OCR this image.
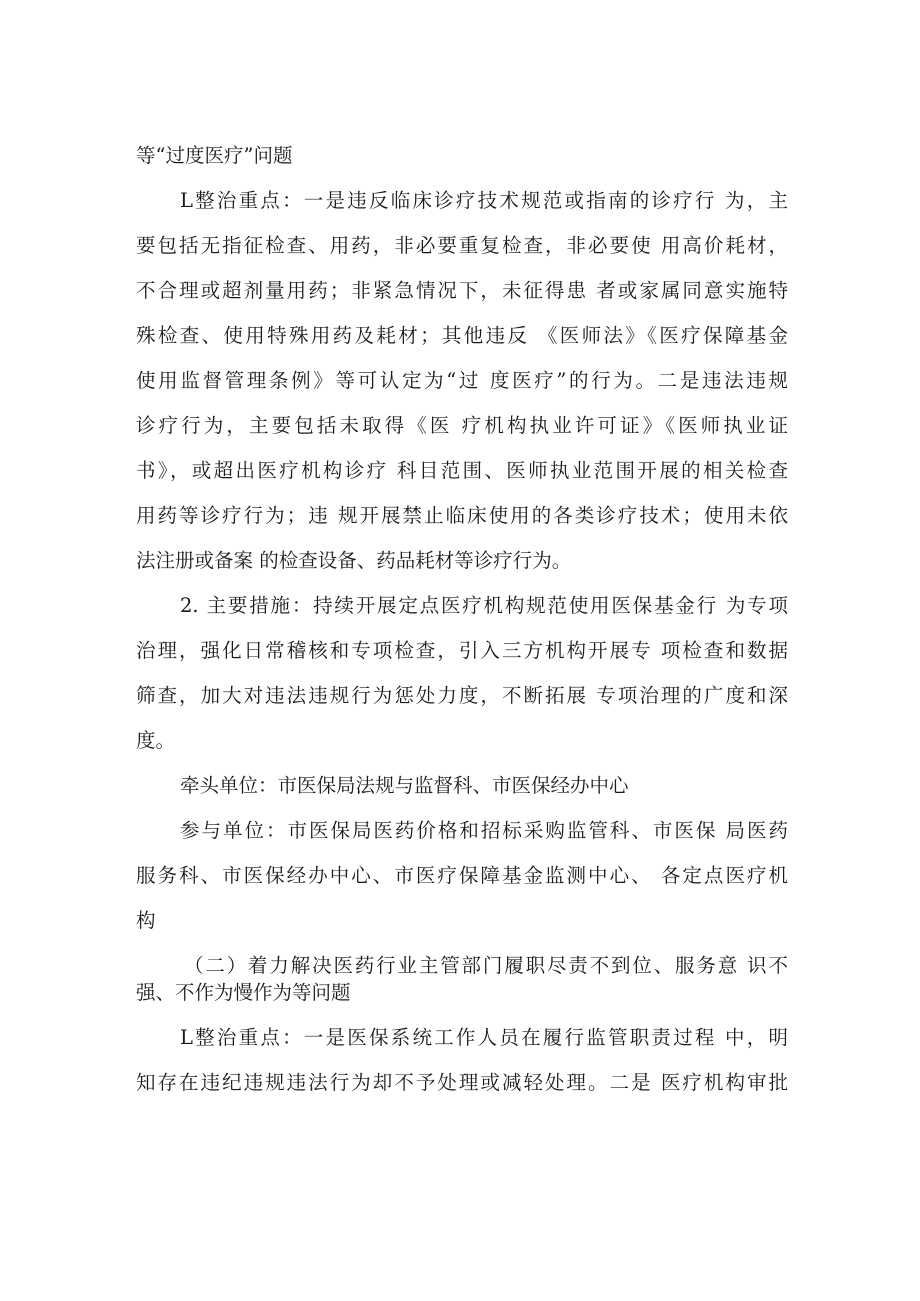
等“过度医疗”问题
L整治重点：一是违反临床诊疗技术规范或指南的诊疗行 为，主
要包括无指征检查、用药，非必要重复检查，非必要使 用高价耗材，
不合理或超剂量用药；非紧急情况下，未征得患 者或家属同意实施特
殊检查、使用特殊用药及耗材；其他违反 《医师法》《医疗保障基金
使用监督管理条例》等可认定为“过 度医疗”的行为。二是违法违规
诊疗行为，主要包括未取得《医 疗机构执业许可证》《医师执业证
书》，或超出医疗机构诊疗 科目范围、医师执业范围开展的相关检查
用药等诊疗行为；违 规开展禁止临床使用的各类诊疗技术；使用未依
法注册或备案 的检查设备、药品耗材等诊疗行为。
2. 主要措施：持续开展定点医疗机构规范使用医保基金行 为专项
治理，强化日常稽核和专项检查，引入三方机构开展专 项检查和数据
筛查，加大对违法违规行为惩处力度，不断拓展 专项治理的广度和深
度。
牵头单位：市医保局法规与监督科、市医保经办中心
参与单位：市医保局医药价格和招标采购监管科、市医保 局医药
服务科、市医保经办中心、市医疗保障基金监测中心、 各定点医疗机
构
（二）着力解决医药行业主管部门履职尽责不到位、服务意 识不
强、不作为慢作为等问题
L整治重点：一是医保系统工作人员在履行监管职责过程 中，明
知存在违纪违规违法行为却不予处理或减轻处理。二是 医疗机构审批
